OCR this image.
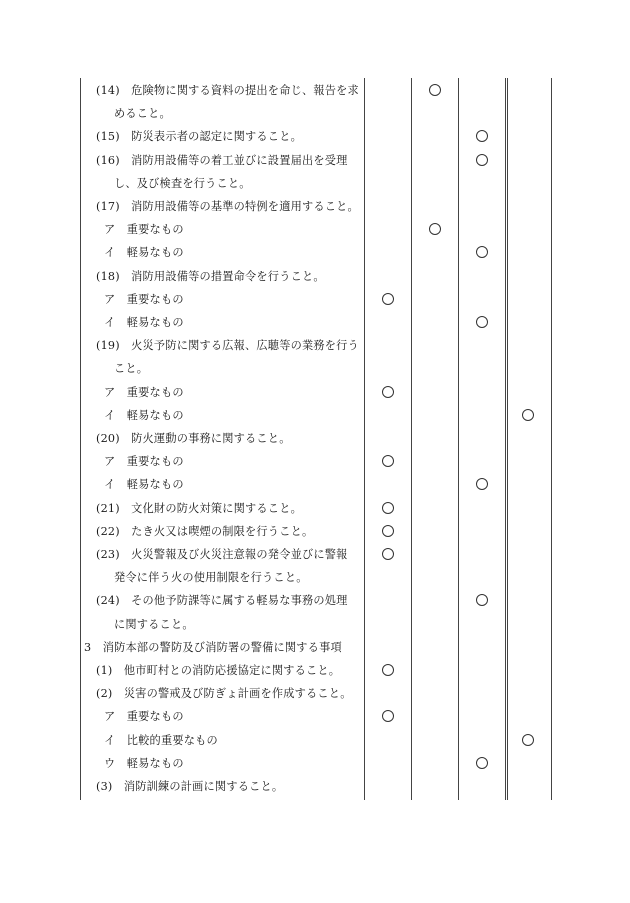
(14)　危険物に関する資料の提出を命じ、報告を求
めること。
(15)　防災表示者の認定に関すること。
(16)　消防用設備等の着工並びに設置届出を受理
し、及び検査を行うこと。
(17)　消防用設備等の基準の特例を適用すること。
ア　重要なもの
イ　軽易なもの
(18)　消防用設備等の措置命令を行うこと。
ア　重要なもの
イ　軽易なもの
(19)　火災予防に関する広報、広聴等の業務を行う
こと。
ア　重要なもの
イ　軽易なもの
(20)　防火運動の事務に関すること。
ア　重要なもの
イ　軽易なもの
(21)　文化財の防火対策に関すること。
(22)　たき火又は喫煙の制限を行うこと。
(23)　火災警報及び火災注意報の発令並びに警報
発令に伴う火の使用制限を行うこと。
(24)　その他予防課等に属する軽易な事務の処理
に関すること。
3　消防本部の警防及び消防署の警備に関する事項
(1)　他市町村との消防応援協定に関すること。
(2)　災害の警戒及び防ぎょ計画を作成すること。
ア　重要なもの
イ　比較的重要なもの
ウ　軽易なもの
(3)　消防訓練の計画に関すること。
